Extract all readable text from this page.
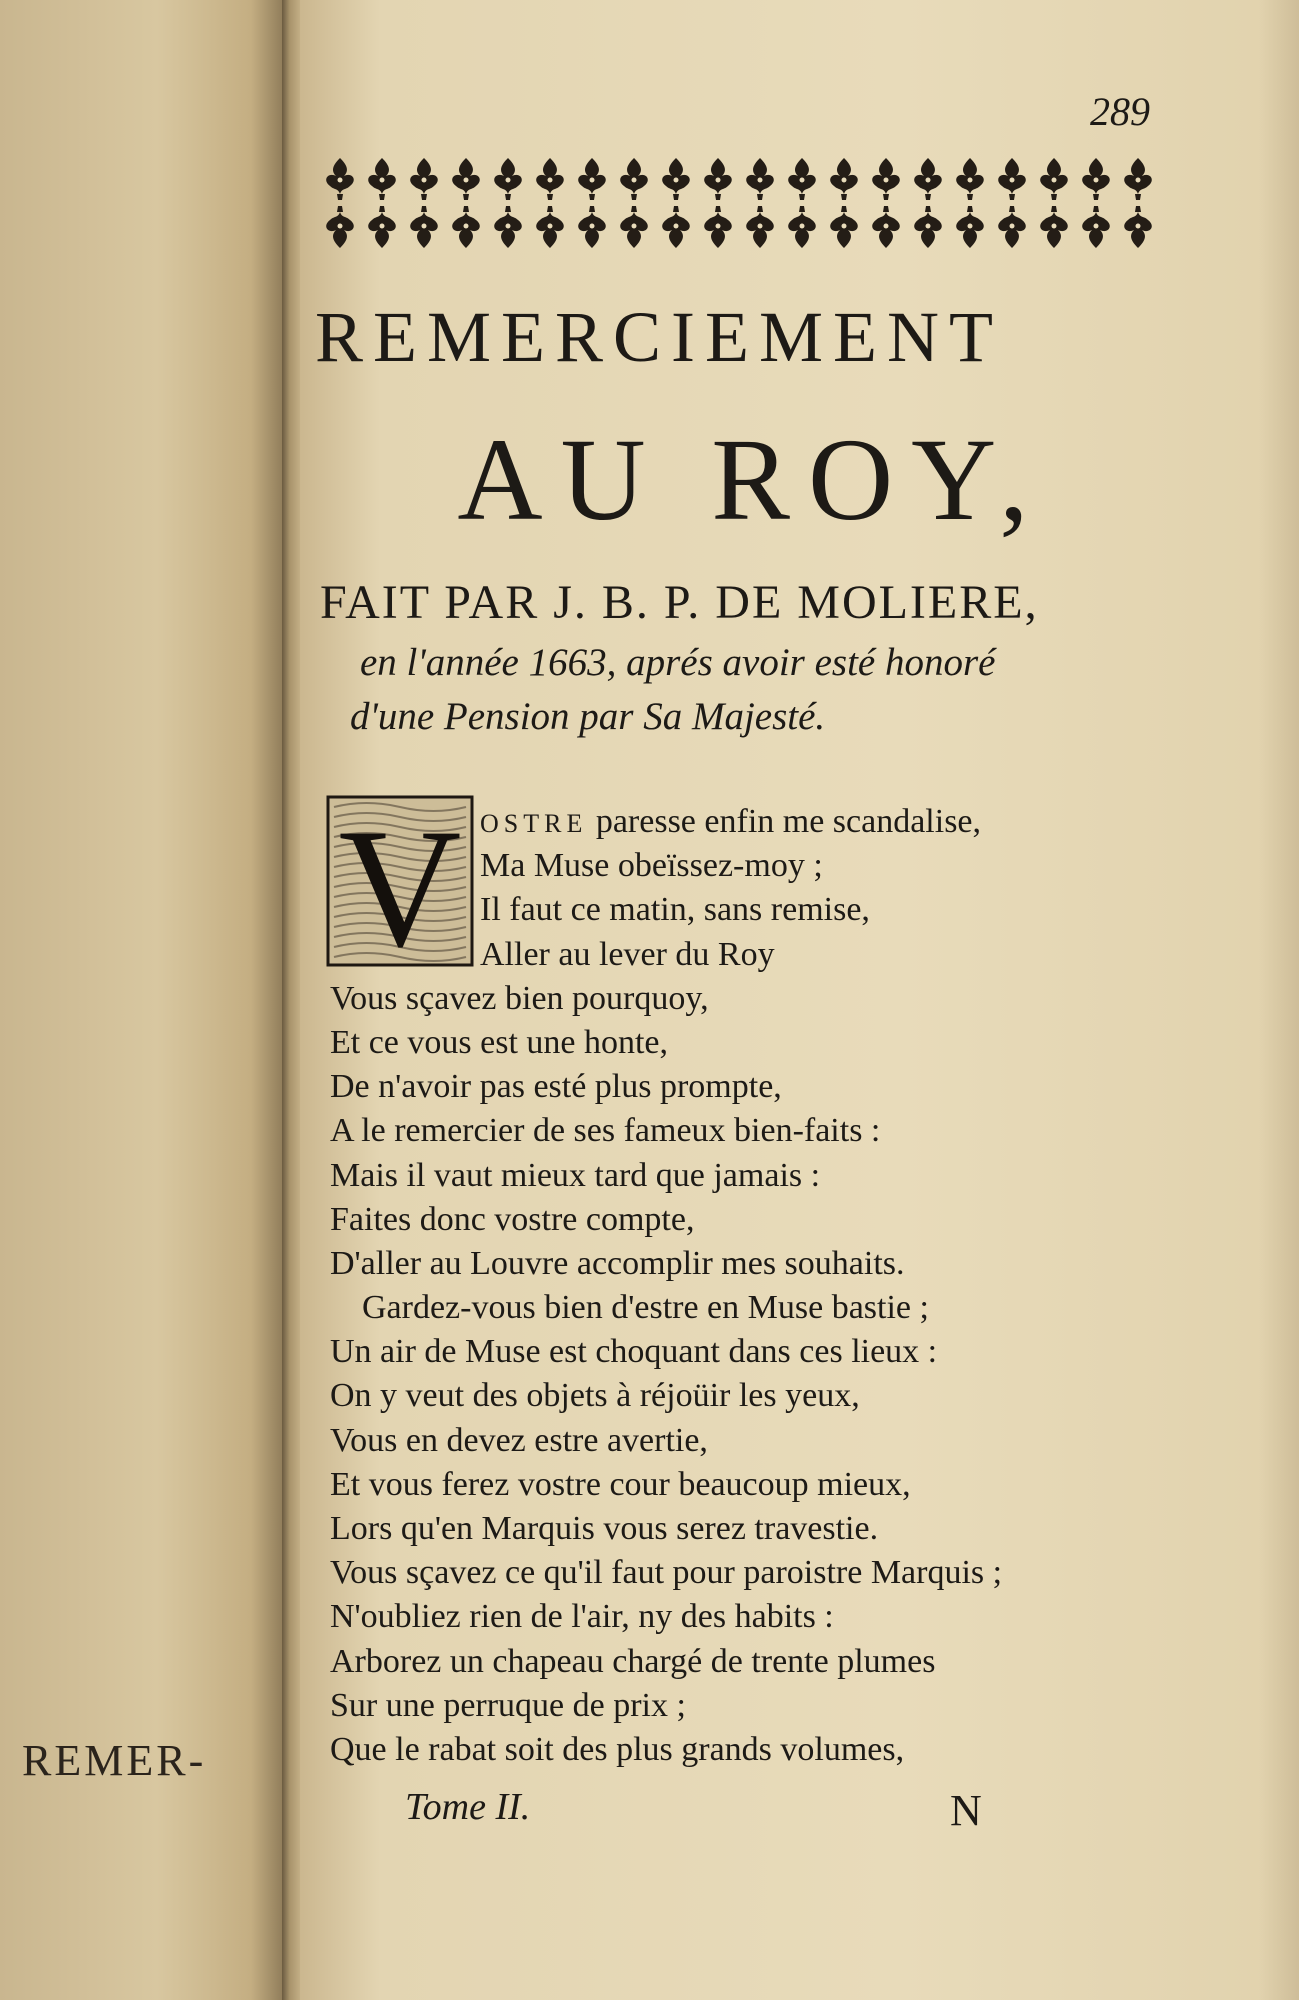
REMER-
289
REMERCIEMENT
AU ROY,
FAIT PAR J. B. P. DE MOLIERE,
en l'année 1663, aprés avoir esté honoré
d'une Pension par Sa Majesté.
V OSTRE paresse enfin me scandalise,
Ma Muse obeïssez-moy ;
Il faut ce matin, sans remise,
Aller au lever du Roy
Vous sçavez bien pourquoy,
Et ce vous est une honte,
De n'avoir pas esté plus prompte,
A le remercier de ses fameux bien-faits :
Mais il vaut mieux tard que jamais :
Faites donc vostre compte,
D'aller au Louvre accomplir mes souhaits.
Gardez-vous bien d'estre en Muse bastie ;
Un air de Muse est choquant dans ces lieux :
On y veut des objets à réjoüir les yeux,
Vous en devez estre avertie,
Et vous ferez vostre cour beaucoup mieux,
Lors qu'en Marquis vous serez travestie.
Vous sçavez ce qu'il faut pour paroistre Marquis ;
N'oubliez rien de l'air, ny des habits :
Arborez un chapeau chargé de trente plumes
Sur une perruque de prix ;
Que le rabat soit des plus grands volumes,
Tome II.	N
